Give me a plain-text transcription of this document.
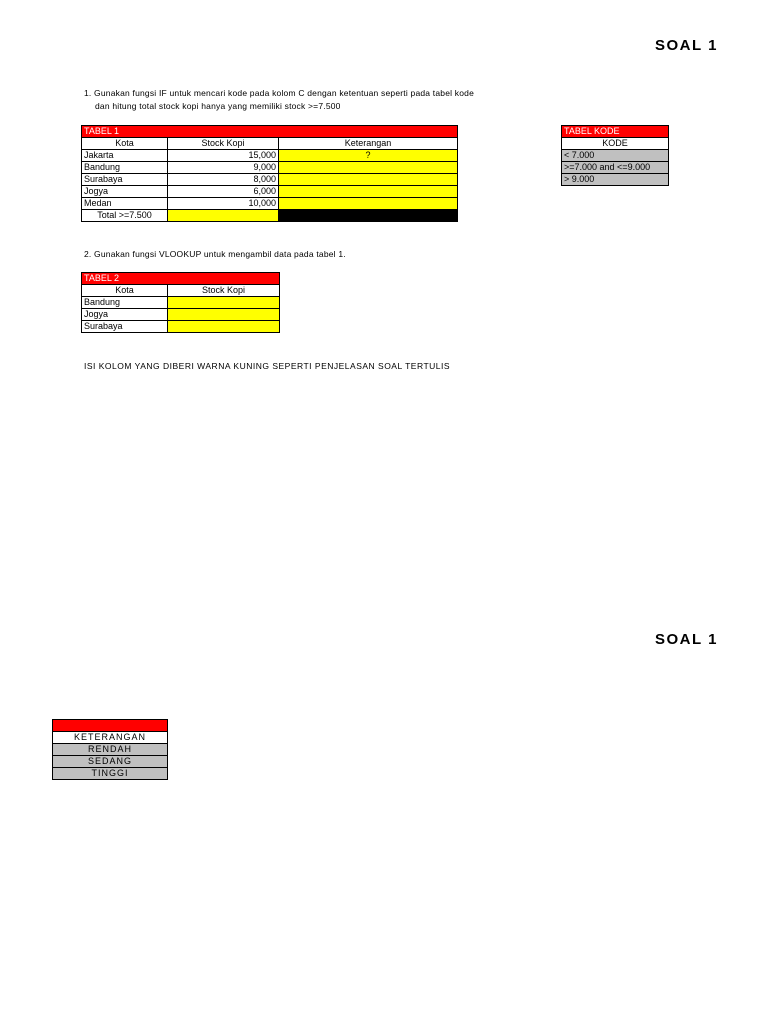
SOAL 1
1. Gunakan fungsi IF untuk mencari kode pada kolom C dengan ketentuan seperti pada tabel kode
dan hitung total stock kopi hanya yang memiliki stock >=7.500
TABEL 1		
Kota	Stock Kopi	Keterangan
Jakarta	15,000	?
Bandung	9,000	
Surabaya	8,000	
Jogya	6,000	
Medan	10,000	
Total >=7.500		
TABEL KODE
KODE
< 7.000
>=7.000 and <=9.000
> 9.000
2. Gunakan fungsi VLOOKUP untuk mengambil data pada tabel 1.
TABEL 2	
Kota	Stock Kopi
Bandung	
Jogya	
Surabaya	
ISI KOLOM YANG DIBERI WARNA KUNING SEPERTI PENJELASAN SOAL TERTULIS
SOAL 1

KETERANGAN
RENDAH
SEDANG
TINGGI
